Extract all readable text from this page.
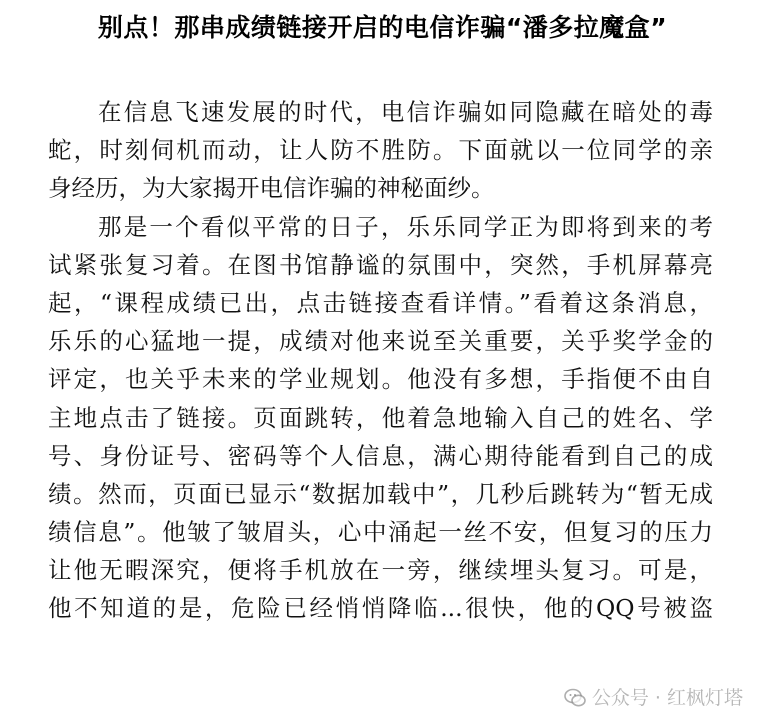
别点！那串成绩链接开启的电信诈骗“潘多拉魔盒”
在信息飞速发展的时代，电信诈骗如同隐藏在暗处的毒
蛇，时刻伺机而动，让人防不胜防。下面就以一位同学的亲
身经历，为大家揭开电信诈骗的神秘面纱。
那是一个看似平常的日子，乐乐同学正为即将到来的考
试紧张复习着。在图书馆静谧的氛围中，突然，手机屏幕亮
起，“课程成绩已出，点击链接查看详情。”看着这条消息，
乐乐的心猛地一提，成绩对他来说至关重要，关乎奖学金的
评定，也关乎未来的学业规划。他没有多想，手指便不由自
主地点击了链接。页面跳转，他着急地输入自己的姓名、学
号、身份证号、密码等个人信息，满心期待能看到自己的成
绩。然而，页面已显示“数据加载中”，几秒后跳转为“暂无成
绩信息”。他皱了皱眉头，心中涌起一丝不安，但复习的压力
让他无暇深究，便将手机放在一旁，继续埋头复习。可是，
他不知道的是，危险已经悄悄降临...很快，他的QQ号被盗
公众号 · 红枫灯塔
